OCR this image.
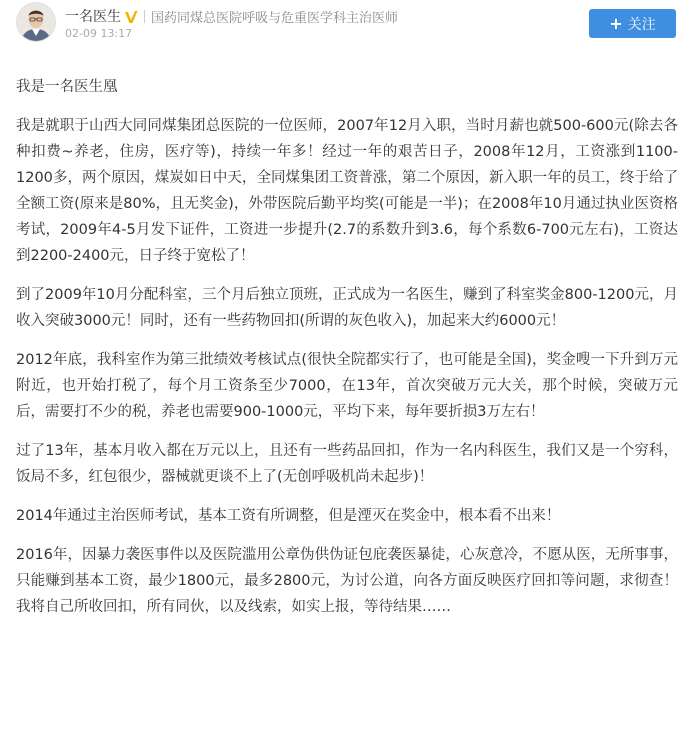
一名医生 国药同煤总医院呼吸与危重医学科主治医师
02-09 13:17
+ 关注

我是一名医生凰

我是就职于山西大同同煤集团总医院的一位医师，2007年12月入职，当时月薪也就500-600元(除去各种扣费~养老，住房，医疗等)，持续一年多！经过一年的艰苦日子，2008年12月，工资涨到1100-1200多，两个原因，煤炭如日中天，全同煤集团工资普涨，第二个原因，新入职一年的员工，终于给了全额工资(原来是80%，且无奖金)，外带医院后勤平均奖(可能是一半)；在2008年10月通过执业医资格考试，2009年4-5月发下证件，工资进一步提升(2.7的系数升到3.6，每个系数6-700元左右)，工资达到2200-2400元，日子终于宽松了！

到了2009年10月分配科室，三个月后独立顶班，正式成为一名医生，赚到了科室奖金800-1200元，月收入突破3000元！同时，还有一些药物回扣(所谓的灰色收入)，加起来大约6000元！

2012年底，我科室作为第三批绩效考核试点(很快全院都实行了，也可能是全国)，奖金嗖一下升到万元附近，也开始打税了，每个月工资条至少7000，在13年，首次突破万元大关，那个时候，突破万元后，需要打不少的税，养老也需要900-1000元，平均下来，每年要折损3万左右！

过了13年，基本月收入都在万元以上，且还有一些药品回扣，作为一名内科医生，我们又是一个穷科，饭局不多，红包很少，器械就更谈不上了(无创呼吸机尚未起步)！

2014年通过主治医师考试，基本工资有所调整，但是湮灭在奖金中，根本看不出来！

2016年，因暴力袭医事件以及医院滥用公章伪供伪证包庇袭医暴徒，心灰意冷，不愿从医，无所事事，只能赚到基本工资，最少1800元，最多2800元，为讨公道，向各方面反映医疗回扣等问题，求彻查！我将自己所收回扣，所有同伙，以及线索，如实上报，等待结果……
